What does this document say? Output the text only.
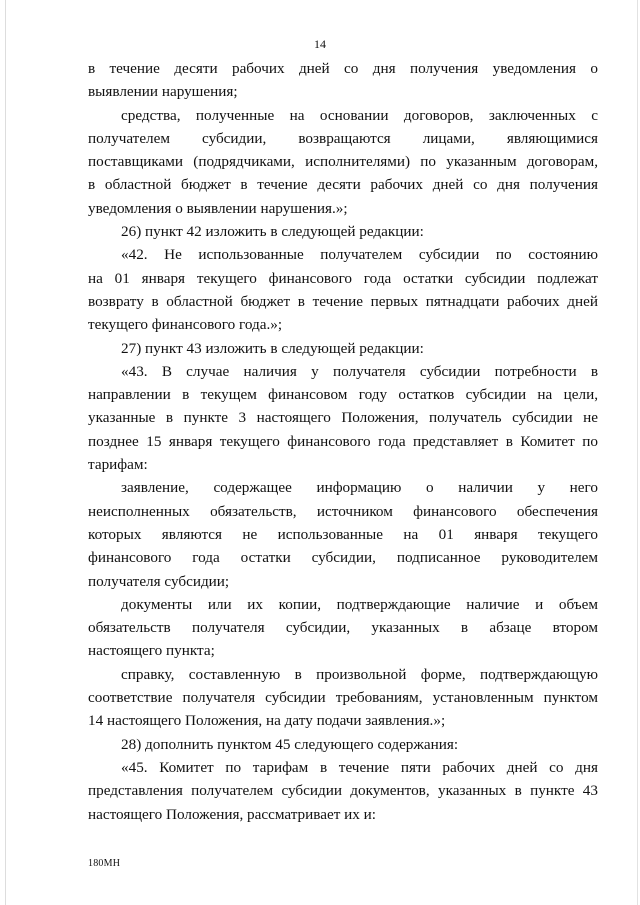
14

в течение десяти рабочих дней со дня получения уведомления о

выявлении нарушения;

средства, полученные на основании договоров, заключенных с

получателем субсидии, возвращаются лицами, являющимися

поставщиками (подрядчиками, исполнителями) по указанным договорам,

в областной бюджет в течение десяти рабочих дней со дня получения

уведомления о выявлении нарушения.»;

26) пункт 42 изложить в следующей редакции:

«42. Не использованные получателем субсидии по состоянию

на 01 января текущего финансового года остатки субсидии подлежат

возврату в областной бюджет в течение первых пятнадцати рабочих дней

текущего финансового года.»;

27) пункт 43 изложить в следующей редакции:

«43. В случае наличия у получателя субсидии потребности в

направлении в текущем финансовом году остатков субсидии на цели,

указанные в пункте 3 настоящего Положения, получатель субсидии не

позднее 15 января текущего финансового года представляет в Комитет по

тарифам:

заявление, содержащее информацию о наличии у него

неисполненных обязательств, источником финансового обеспечения

которых являются не использованные на 01 января текущего

финансового года остатки субсидии, подписанное руководителем

получателя субсидии;

документы или их копии, подтверждающие наличие и объем

обязательств получателя субсидии, указанных в абзаце втором

настоящего пункта;

справку, составленную в произвольной форме, подтверждающую

соответствие получателя субсидии требованиям, установленным пунктом

14 настоящего Положения, на дату подачи заявления.»;

28) дополнить пунктом 45 следующего содержания:

«45. Комитет по тарифам в течение пяти рабочих дней со дня

представления получателем субсидии документов, указанных в пункте 43

настоящего Положения, рассматривает их и:

180МН
